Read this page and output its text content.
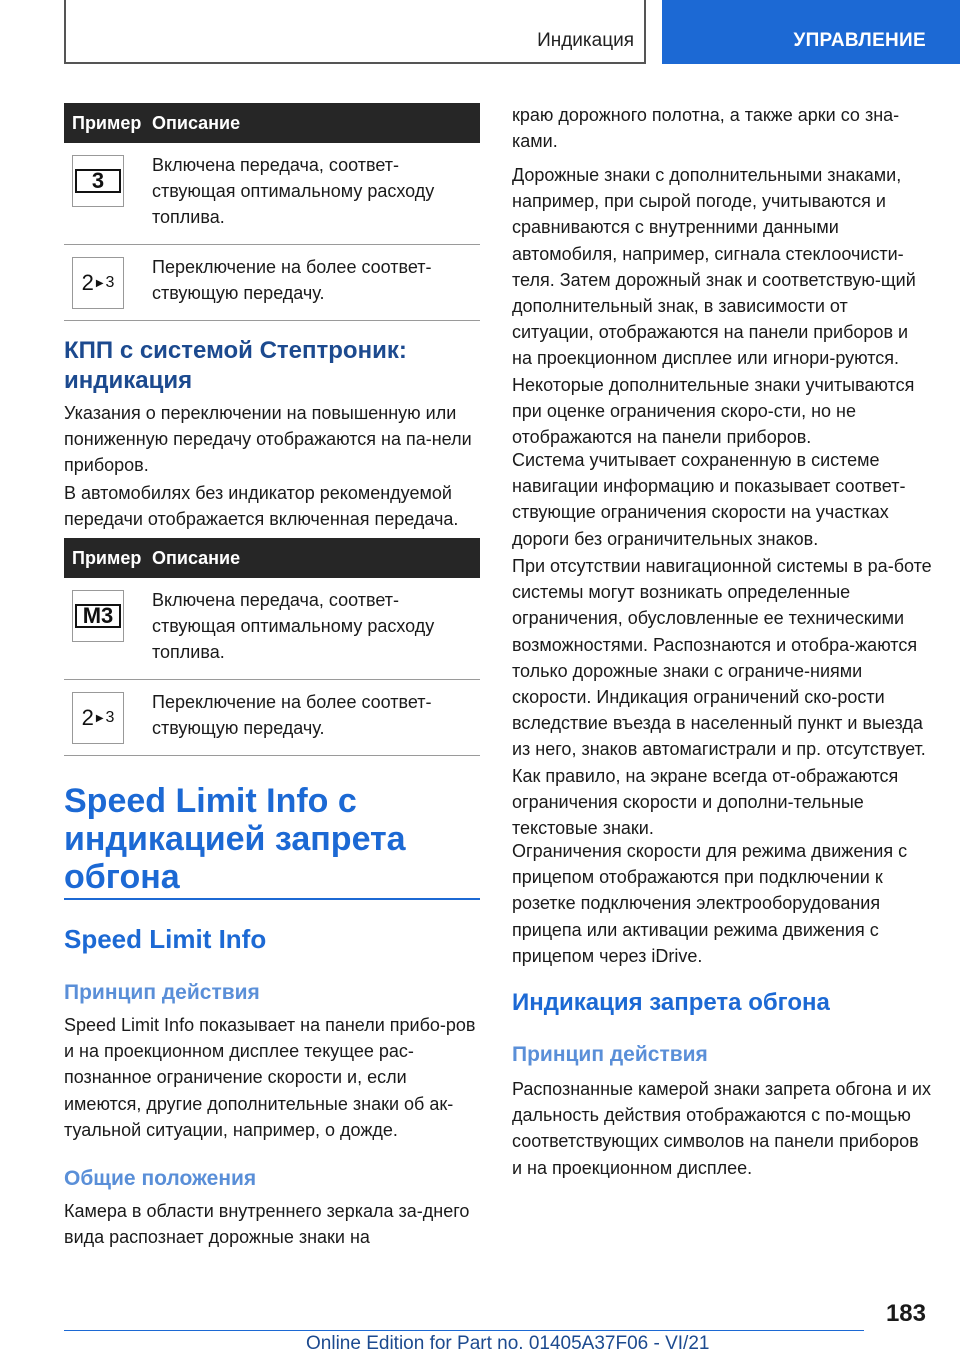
Индикация	УПРАВЛЕНИЕ
Пример	Описание

3	Включена передача, соответ-ствующая оптимальному расходу топлива.

2 ▶ 3	Переключение на более соответ-ствующую передачу.
КПП с системой Стептроник: индикация

Указания о переключении на повышенную или пониженную передачу отображаются на па-нели приборов.

В автомобилях без индикатор рекомендуемой передачи отображается включенная передача.

Пример	Описание

M3	Включена передача, соответ-ствующая оптимальному расходу топлива.

2 ▶ 3	Переключение на более соответ-ствующую передачу.
Speed Limit Info с индикацией запрета обгона
Speed Limit Info
Принцип действия

Speed Limit Info показывает на панели прибо-ров и на проекционном дисплее текущее рас-познанное ограничение скорости и, если имеются, другие дополнительные знаки об ак-туальной ситуации, например, о дожде.

Общие положения

Камера в области внутреннего зеркала за-днего вида распознает дорожные знаки на

краю дорожного полотна, а также арки со зна-ками.

Дорожные знаки с дополнительными знаками, например, при сырой погоде, учитываются и сравниваются с внутренними данными автомобиля, например, сигнала стеклоочисти-теля. Затем дорожный знак и соответствую-щий дополнительный знак, в зависимости от ситуации, отображаются на панели приборов и на проекционном дисплее или игнори-руются. Некоторые дополнительные знаки учитываются при оценке ограничения скоро-сти, но не отображаются на панели приборов.

Система учитывает сохраненную в системе навигации информацию и показывает соответ-ствующие ограничения скорости на участках дороги без ограничительных знаков.

При отсутствии навигационной системы в ра-боте системы могут возникать определенные ограничения, обусловленные ее техническими возможностями. Распознаются и отобра-жаются только дорожные знаки с ограниче-ниями скорости. Индикация ограничений ско-рости вследствие въезда в населенный пункт и выезда из него, знаков автомагистрали и пр. отсутствует. Как правило, на экране всегда от-ображаются ограничения скорости и дополни-тельные текстовые знаки.

Ограничения скорости для режима движения с прицепом отображаются при подключении к розетке подключения электрооборудования прицепа или активации режима движения с прицепом через iDrive.

Индикация запрета обгона
Принцип действия

Распознанные камерой знаки запрета обгона и их дальность действия отображаются с по-мощью соответствующих символов на панели приборов и на проекционном дисплее.

183
Online Edition for Part no. 01405A37F06 - VI/21
